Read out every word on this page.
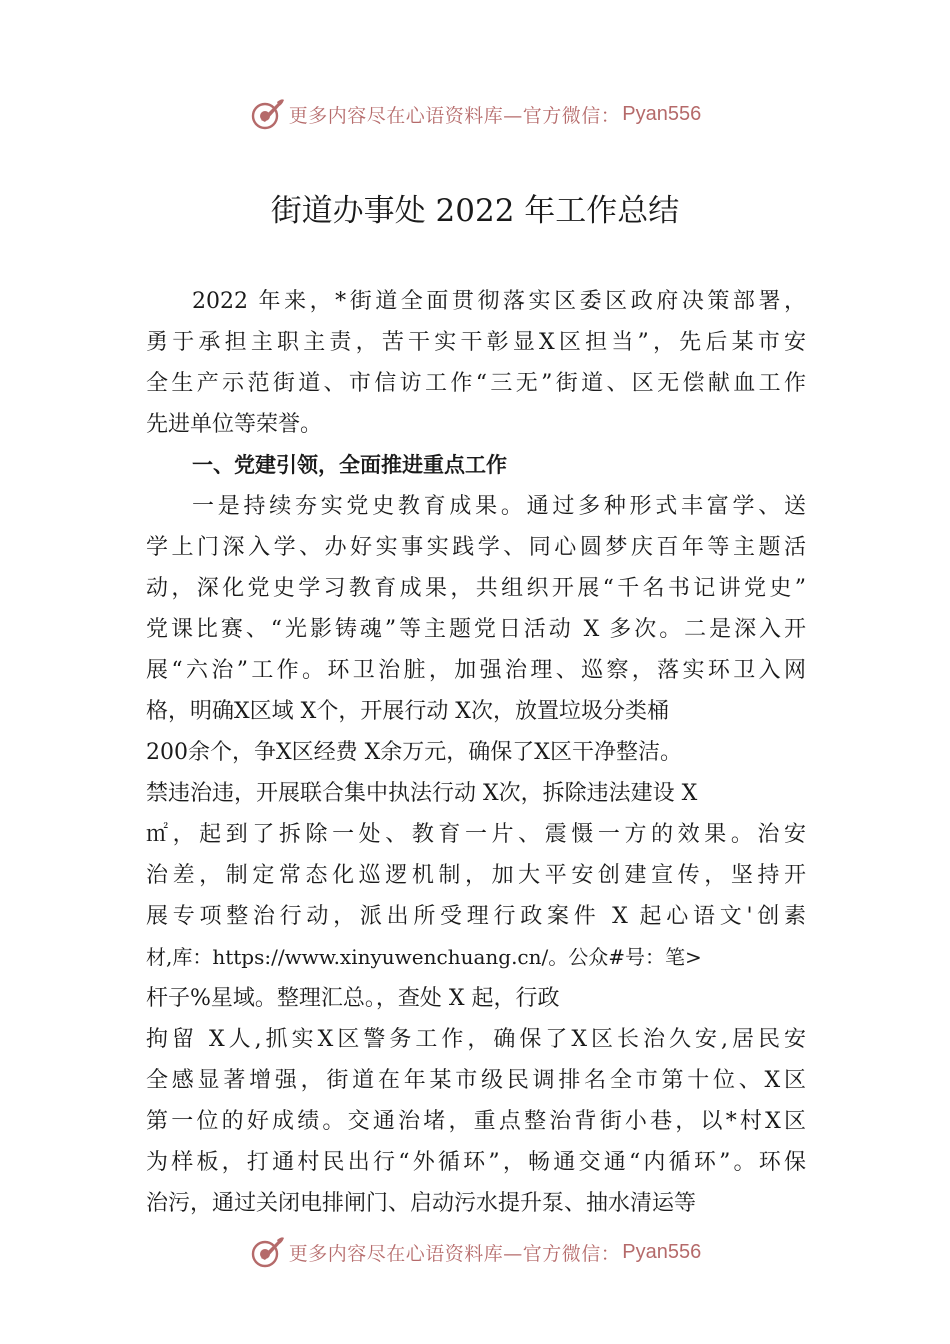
更多内容尽在心语资料库—官方微信： Pyan556
街道办事处 2022 年工作总结
2022 年来，*街道全面贯彻落实区委区政府决策部署，
勇于承担主职主责，苦干实干彰显X区担当”，先后某市安
全生产示范街道、市信访工作“三无”街道、区无偿献血工作
先进单位等荣誉。
一、党建引领，全面推进重点工作
一是持续夯实党史教育成果。通过多种形式丰富学、送
学上门深入学、办好实事实践学、同心圆梦庆百年等主题活
动，深化党史学习教育成果，共组织开展“千名书记讲党史”
党课比赛、“光影铸魂”等主题党日活动 X 多次。二是深入开
展“六治”工作。环卫治脏，加强治理、巡察，落实环卫入网
格，明确X区域 X个，开展行动 X次，放置垃圾分类桶
200余个，争X区经费 X余万元，确保了X区干净整洁。
禁违治违，开展联合集中执法行动 X次，拆除违法建设 X
㎡，起到了拆除一处、教育一片、震慑一方的效果。治安
治差，制定常态化巡逻机制，加大平安创建宣传，坚持开
展专项整治行动，派出所受理行政案件 X 起心语文'创素
材,库：https://www.xinyuwenchuang.cn/。公众#号：笔>
杆子%星域。整理汇总。，查处 X 起，行政
拘留 X人,抓实X区警务工作，确保了X区长治久安,居民安
全感显著增强，街道在年某市级民调排名全市第十位、X区
第一位的好成绩。交通治堵，重点整治背街小巷，以*村X区
为样板，打通村民出行“外循环”，畅通交通“内循环”。环保
治污，通过关闭电排闸门、启动污水提升泵、抽水清运等
更多内容尽在心语资料库—官方微信： Pyan556
